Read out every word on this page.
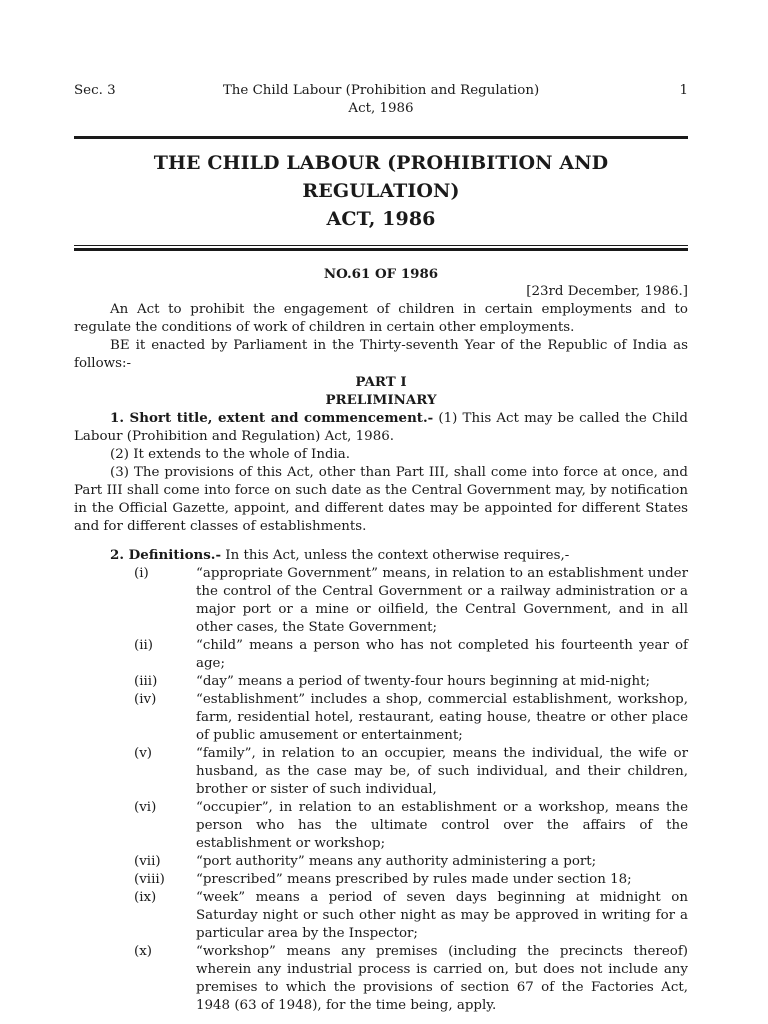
Sec. 3	The Child Labour (Prohibition and Regulation)
Act, 1986
1
THE CHILD LABOUR (PROHIBITION AND REGULATION)
ACT, 1986
NO.61 OF 1986
[23rd December, 1986.]

An Act to prohibit the engagement of children in certain employments and to regulate the conditions of work of children in certain other employments.

BE it enacted by Parliament in the Thirty-seventh Year of the Republic of India as follows:-

PART I
PRELIMINARY

1. Short title, extent and commencement.- (1) This Act may be called the Child Labour (Prohibition and Regulation) Act, 1986.

(2) It extends to the whole of India.

(3) The provisions of this Act, other than Part III, shall come into force at once, and Part III shall come into force on such date as the Central Government may, by notification in the Official Gazette, appoint, and different dates may be appointed for different States and for different classes of establishments.

2. Definitions.- In this Act, unless the context otherwise requires,-

(i)	“appropriate Government” means, in relation to an establishment under the control of the Central Government or a railway administration or a major port or a mine or oilfield, the Central Government, and in all other cases, the State Government;
(ii)	“child” means a person who has not completed his fourteenth year of age;
(iii)	“day” means a period of twenty-four hours beginning at mid-night;
(iv)	“establishment” includes a shop, commercial establishment, workshop, farm, residential hotel, restaurant, eating house, theatre or other place of public amusement or entertainment;
(v)	“family”, in relation to an occupier, means the individual, the wife or husband, as the case may be, of such individual, and their children, brother or sister of such individual,
(vi)	“occupier”, in relation to an establishment or a workshop, means the person who has the ultimate control over the affairs of the establishment or workshop;
(vii)	“port authority” means any authority administering a port;
(viii) “prescribed” means prescribed by rules made under section 18;
(ix)	“week” means a period of seven days beginning at midnight on Saturday night or such other night as may be approved in writing for a particular area by the Inspector;
(x)	“workshop” means any premises (including the precincts thereof) wherein any industrial process is carried on, but does not include any premises to which the provisions of section 67 of the Factories Act, 1948 (63 of 1948), for the time being, apply.
